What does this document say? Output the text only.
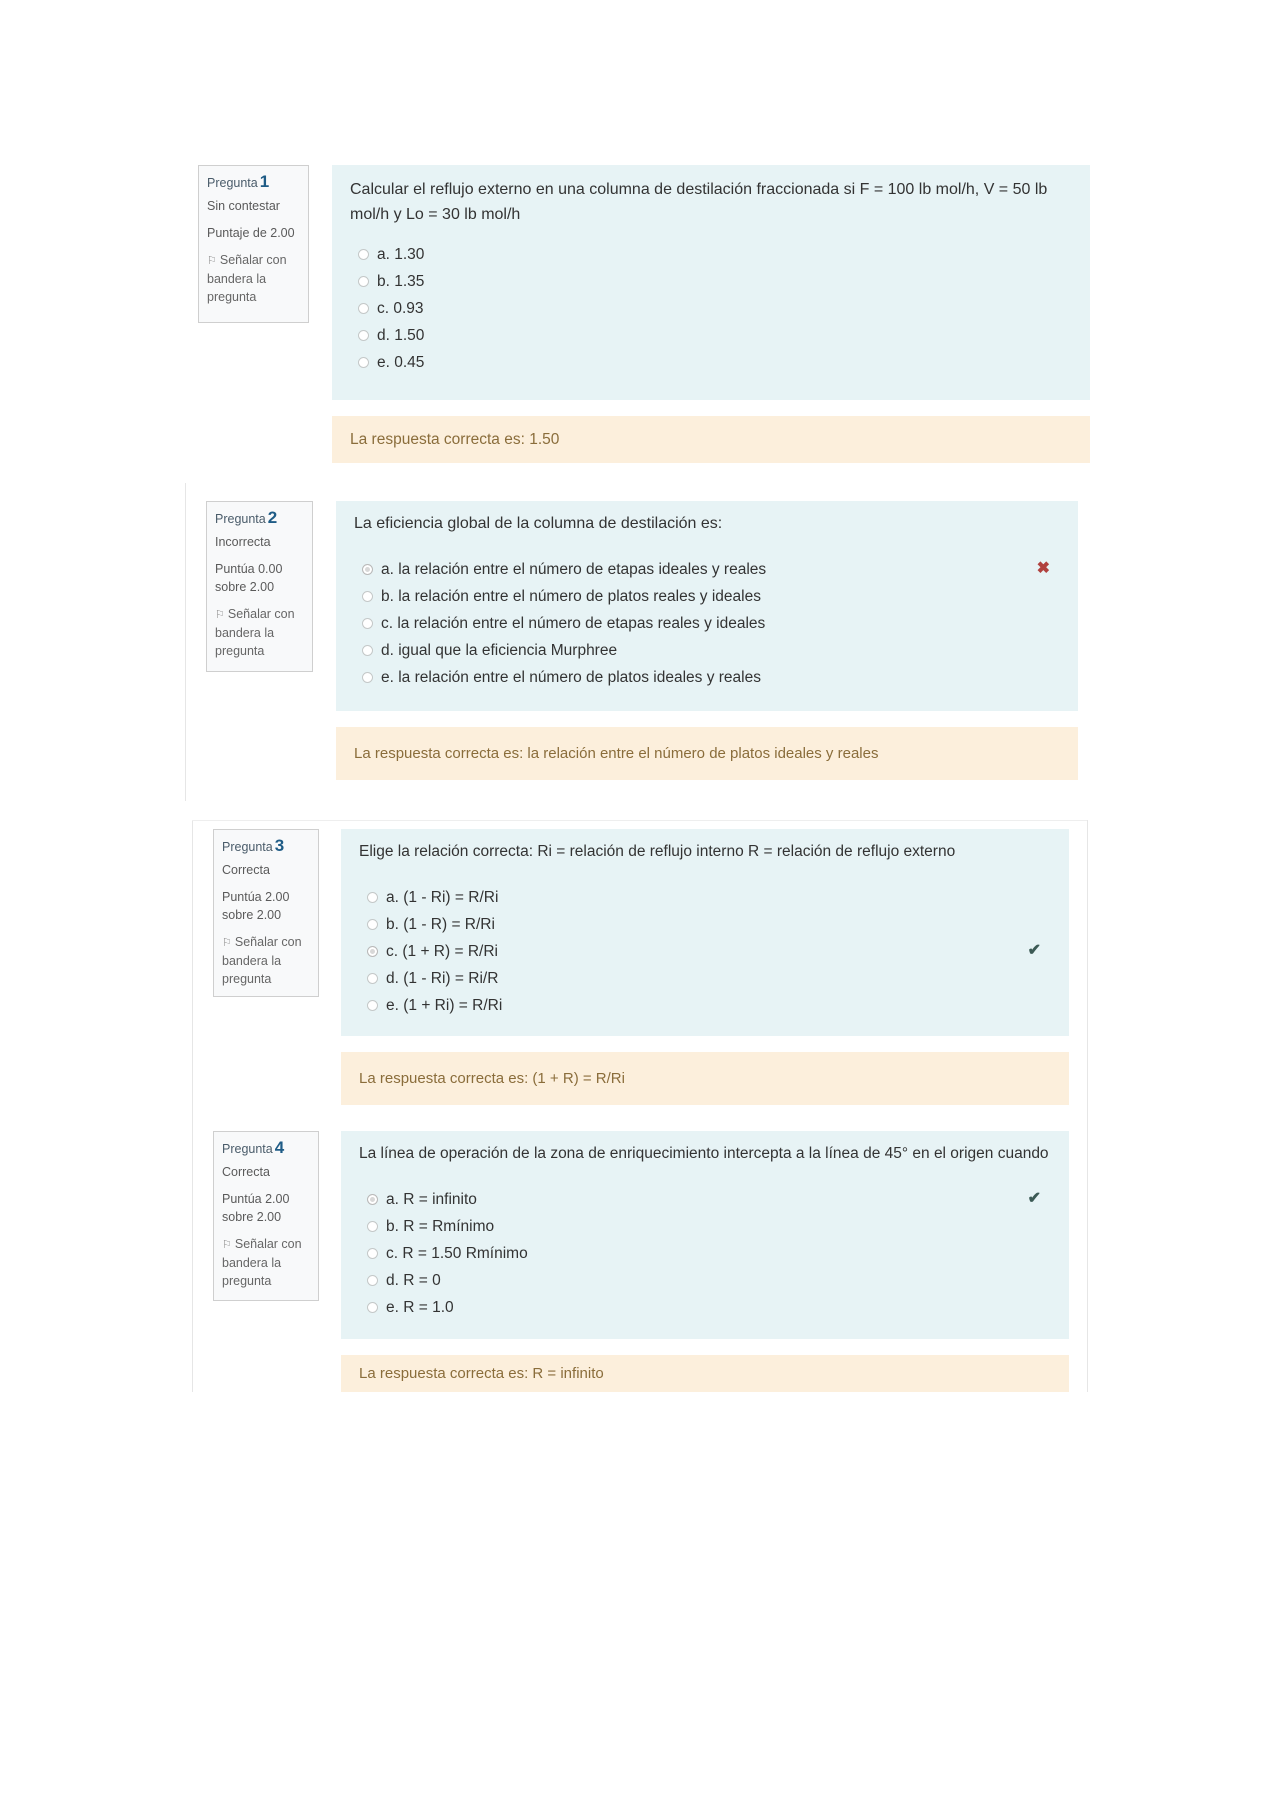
Pregunta 1
Sin contestar
Puntaje de 2.00
⚐ Señalar con bandera la pregunta
Calcular el reflujo externo en una columna de destilación fraccionada si F = 100 lb mol/h, V = 50 lb mol/h y Lo = 30 lb mol/h
a. 1.30
b. 1.35
c. 0.93
d. 1.50
e. 0.45
La respuesta correcta es: 1.50
Pregunta 2
Incorrecta
Puntúa 0.00 sobre 2.00
⚐ Señalar con bandera la pregunta
La eficiencia global de la columna de destilación es:
a. la relación entre el número de etapas ideales y reales	✖
b. la relación entre el número de platos reales y ideales
c. la relación entre el número de etapas reales y ideales
d. igual que la eficiencia Murphree
e. la relación entre el número de platos ideales y reales
La respuesta correcta es: la relación entre el número de platos ideales y reales
Pregunta 3
Correcta
Puntúa 2.00 sobre 2.00
⚐ Señalar con bandera la pregunta
Elige la relación correcta: Ri = relación de reflujo interno R = relación de reflujo externo
a. (1 - Ri) = R/Ri
b. (1 - R) = R/Ri
c. (1 + R) = R/Ri	✔
d. (1 - Ri) = Ri/R
e. (1 + Ri) = R/Ri
La respuesta correcta es: (1 + R) = R/Ri
Pregunta 4
Correcta
Puntúa 2.00 sobre 2.00
⚐ Señalar con bandera la pregunta
La línea de operación de la zona de enriquecimiento intercepta a la línea de 45° en el origen cuando
a. R = infinito	✔
b. R = Rmínimo
c. R = 1.50 Rmínimo
d. R = 0
e. R = 1.0
La respuesta correcta es: R = infinito
